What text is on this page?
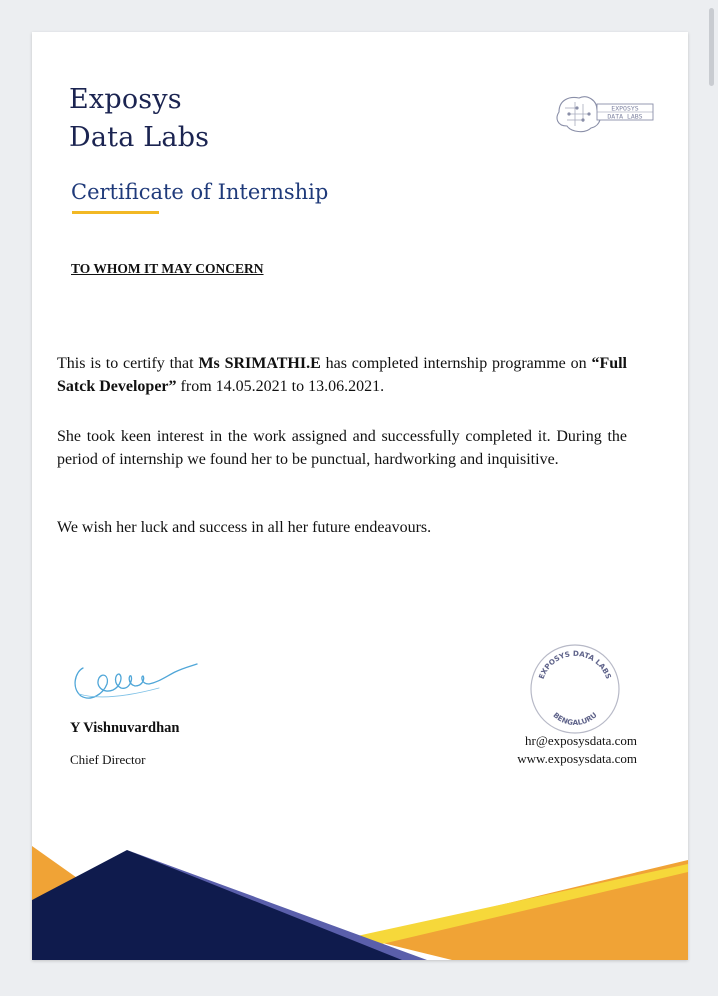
Exposys
Data Labs
EXPOSYS
DATA LABS
Certificate of Internship
TO WHOM IT MAY CONCERN
This is to certify that Ms SRIMATHI.E has completed internship programme on “Full Satck Developer” from 14.05.2021 to 13.06.2021.
She took keen interest in the work assigned and successfully completed it. During the period of internship we found her to be punctual, hardworking and inquisitive.
We wish her luck and success in all her future endeavours.
Y Vishnuvardhan
Chief Director
EXPOSYS DATA LABS
BENGALURU
hr@exposysdata.com
www.exposysdata.com
